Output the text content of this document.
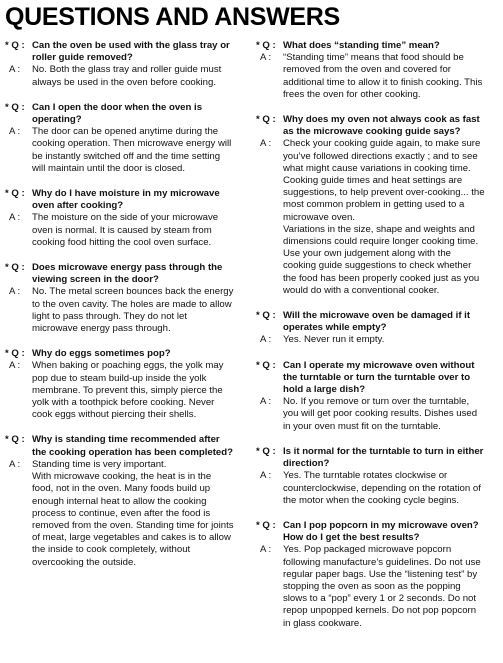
QUESTIONS AND ANSWERS
* Q : Can the oven be used with the glass tray or
roller guide removed?
A : No. Both the glass tray and roller guide must
always be used in the oven before cooking.
* Q : Can I open the door when the oven is
operating?
A : The door can be opened anytime during the
cooking operation. Then microwave energy will
be instantly switched off and the time setting
will maintain until the door is closed.
* Q : Why do I have moisture in my microwave
oven after cooking?
A : The moisture on the side of your microwave
oven is normal. It is caused by steam from
cooking food hitting the cool oven surface.
* Q : Does microwave energy pass through the
viewing screen in the door?
A : No. The metal screen bounces back the energy
to the oven cavity. The holes are made to allow
light to pass through. They do not let
microwave energy pass through.
* Q : Why do eggs sometimes pop?
A : When baking or poaching eggs, the yolk may
pop due to steam build-up inside the yolk
membrane. To prevent this, simply pierce the
yolk with a toothpick before cooking. Never
cook eggs without piercing their shells.
* Q : Why is standing time recommended after
the cooking operation has been completed?
A : Standing time is very important.
With microwave cooking, the heat is in the
food, not in the oven. Many foods build up
enough internal heat to allow the cooking
process to continue, even after the food is
removed from the oven. Standing time for joints
of meat, large vegetables and cakes is to allow
the inside to cook completely, without
overcooking the outside.
* Q : What does “standing time” mean?
A : “Standing time” means that food should be
removed from the oven and covered for
additional time to allow it to finish cooking. This
frees the oven for other cooking.
* Q : Why does my oven not always cook as fast
as the microwave cooking guide says?
A : Check your cooking guide again, to make sure
you’ve followed directions exactly ; and to see
what might cause variations in cooking time.
Cooking guide times and heat settings are
suggestions, to help prevent over-cooking... the
most common problem in getting used to a
microwave oven.
Variations in the size, shape and weights and
dimensions could require longer cooking time.
Use your own judgement along with the
cooking guide suggestions to check whether
the food has been properly cooked just as you
would do with a conventional cooker.
* Q : Will the microwave oven be damaged if it
operates while empty?
A : Yes. Never run it empty.
* Q : Can I operate my microwave oven without
the turntable or turn the turntable over to
hold a large dish?
A : No. If you remove or turn over the turntable,
you will get poor cooking results. Dishes used
in your oven must fit on the turntable.
* Q : Is it normal for the turntable to turn in either
direction?
A : Yes. The turntable rotates clockwise or
counterclockwise, depending on the rotation of
the motor when the cooking cycle begins.
* Q : Can I pop popcorn in my microwave oven?
How do I get the best results?
A : Yes. Pop packaged microwave popcorn
following manufacture’s guidelines. Do not use
regular paper bags. Use the “listening test” by
stopping the oven as soon as the popping
slows to a “pop” every 1 or 2 seconds. Do not
repop unpopped kernels. Do not pop popcorn
in glass cookware.
